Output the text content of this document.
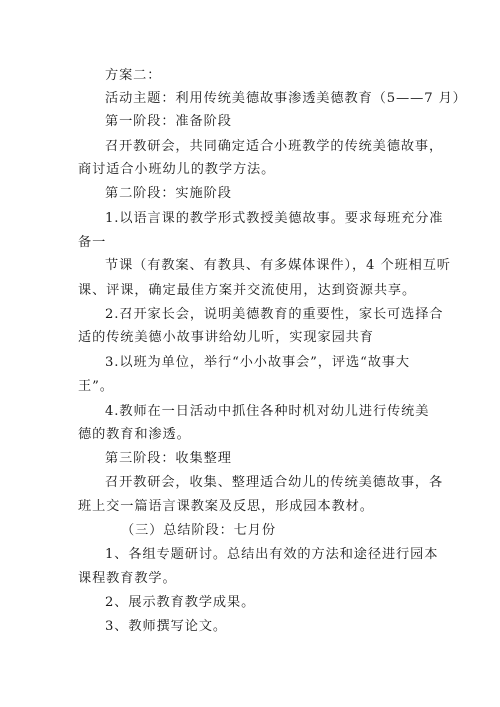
方案二：
活动主题：利用传统美德故事渗透美德教育（5——7 月）
第一阶段：准备阶段
召开教研会，共同确定适合小班教学的传统美德故事，
商讨适合小班幼儿的教学方法。
第二阶段：实施阶段
1.以语言课的教学形式教授美德故事。要求每班充分准
备一
节课（有教案、有教具、有多媒体课件），4 个班相互听
课、评课，确定最佳方案并交流使用，达到资源共享。
2.召开家长会，说明美德教育的重要性，家长可选择合
适的传统美德小故事讲给幼儿听，实现家园共育
3.以班为单位，举行“小小故事会”，评选“故事大
王”。
4.教师在一日活动中抓住各种时机对幼儿进行传统美
德的教育和渗透。
第三阶段：收集整理
召开教研会，收集、整理适合幼儿的传统美德故事，各
班上交一篇语言课教案及反思，形成园本教材。
（三）总结阶段：七月份
1、各组专题研讨。总结出有效的方法和途径进行园本
课程教育教学。
2、展示教育教学成果。
3、教师撰写论文。
